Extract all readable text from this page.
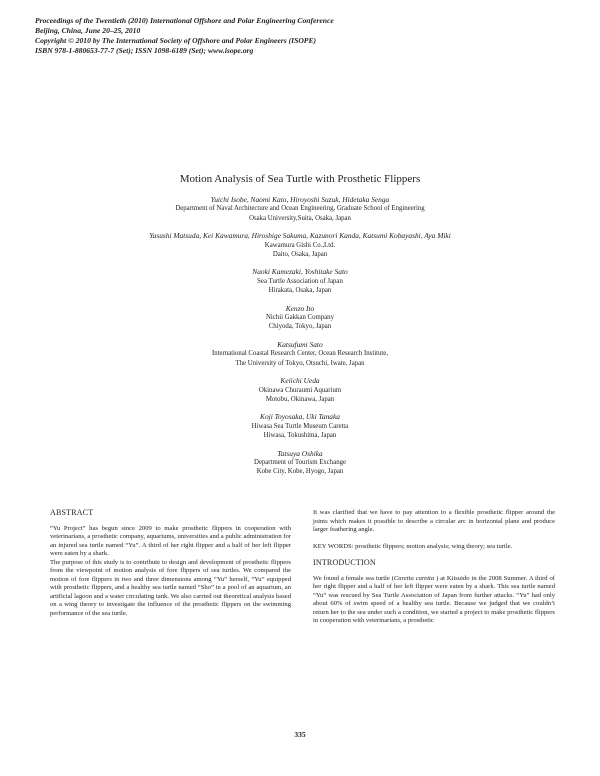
Proceedings of the Twentieth (2010) International Offshore and Polar Engineering Conference
Beijing, China, June 20–25, 2010
Copyright © 2010 by The International Society of Offshore and Polar Engineers (ISOPE)
ISBN 978-1-880653-77-7 (Set); ISSN 1098-6189 (Set); www.isope.org
Motion Analysis of Sea Turtle with Prosthetic Flippers
Yuichi Isobe, Naomi Kato, Hiroyoshi Suzuk, Hidetaka Senga
Department of Naval Architecture and Ocean Engineering, Graduate School of Engineering
Osaka University,Suita, Osaka, Japan
Yasushi Matsuda, Kei Kawamura, Hiroshige Sakuma, Kazunori Kanda, Katsumi Kobayashi, Aya Miki
Kawamura Gishi Co.,Ltd.
Daito, Osaka, Japan
Naoki Kamezaki, Yoshitake Sato
Sea Turtle Association of Japan
Hirakata, Osaka, Japan
Kenzo Ito
Nichii Gakkan Company
Chiyoda, Tokyo, Japan
Katsufumi Sato
International Coastal Research Center, Ocean Research Institute,
The University of Tokyo, Otsuchi, Iwate, Japan
Keiichi Ueda
Okinawa Churaumi Aquarium
Motobu, Okinawa, Japan
Koji Toyosaka, Uki Tanaka
Hiwasa Sea Turtle Museum Caretta
Hiwasa, Tokushima, Japan
Tatsuya Oshika
Department of Tourism Exchange
Kobe City, Kobe, Hyogo, Japan
ABSTRACT

“Yu Project” has begun since 2009 to make prosthetic flippers in cooperation with veterinarians, a prosthetic company, aquariums, universities and a public administration for an injured sea turtle named “Yu”. A third of her right flipper and a half of her left flipper were eaten by a shark.

The purpose of this study is to contribute to design and development of prosthetic flippers from the viewpoint of motion analysis of fore flippers of sea turtles. We compared the motion of fore flippers in two and three dimensions among “Yu” herself, “Yu” equipped with prosthetic flippers, and a healthy sea turtle named “Sho” in a pool of an aquarium, an artificial lagoon and a water circulating tank. We also carried out theoretical analysis based on a wing theory to investigate the influence of the prosthetic flippers on the swimming performance of the sea turtle.

It was clarified that we have to pay attention to a flexible prosthetic flipper around the joints which makes it possible to describe a circular arc in horizontal plane and produce larger feathering angle.

KEY WORDS: prosthetic flippers; motion analysis; wing theory; sea turtle.

INTRODUCTION

We found a female sea turtle (Caretta caretta ) at Kiisuido in the 2008 Summer. A third of her right flipper and a half of her left flipper were eaten by a shark. This sea turtle named “Yu” was rescued by Sea Turtle Association of Japan from further attacks. “Yu” had only about 60% of swim speed of a healthy sea turtle. Because we judged that we couldn’t return her to the sea under such a condition, we started a project to make prosthetic flippers in cooperation with veterinarians, a prosthetic

335
